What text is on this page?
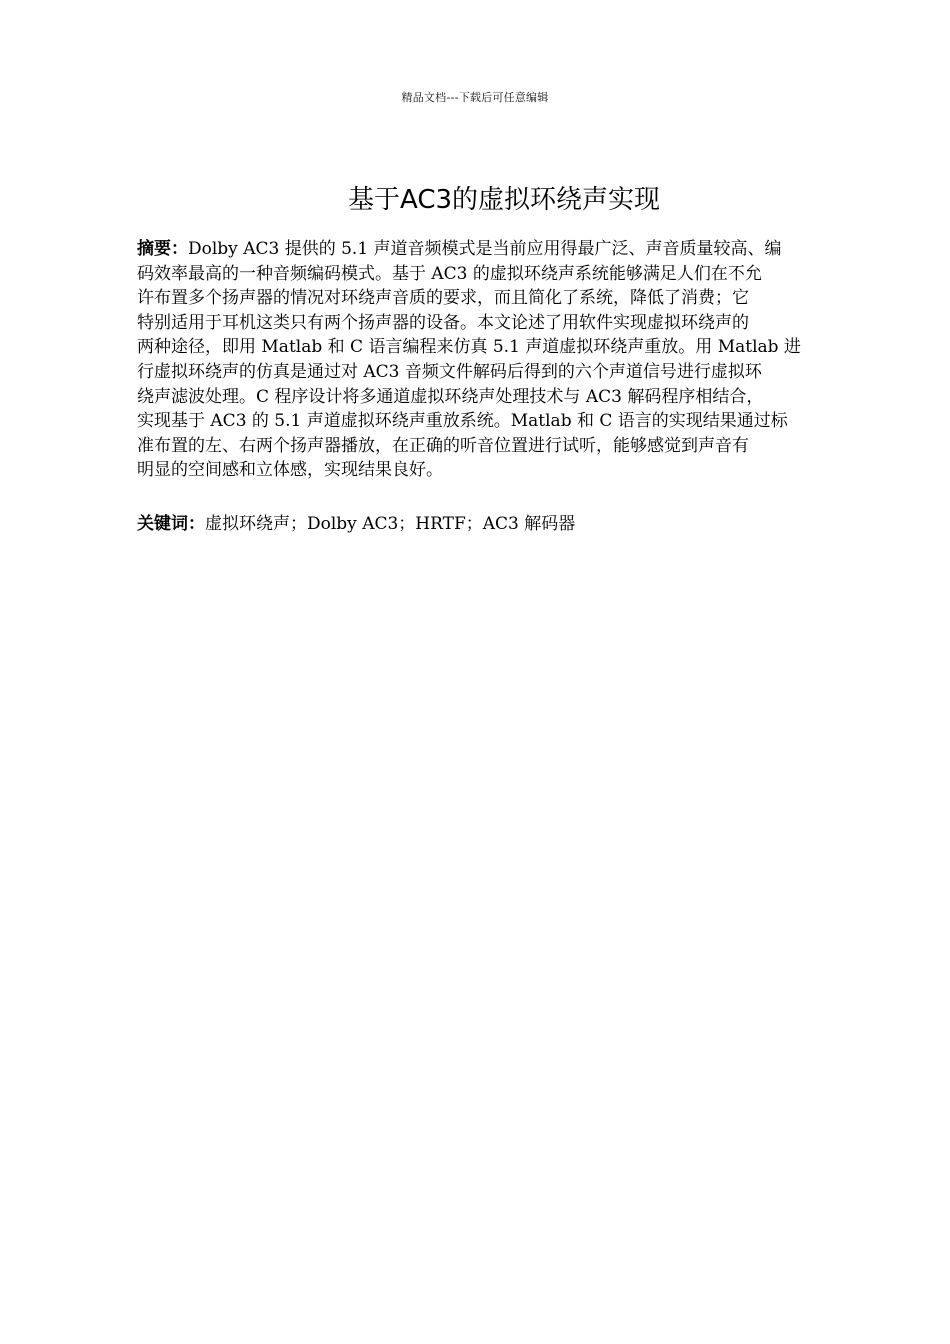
精品文档---下载后可任意编辑
基于AC3的虚拟环绕声实现
摘要：Dolby AC3 提供的 5.1 声道音频模式是当前应用得最广泛、声音质量较高、编
码效率最高的一种音频编码模式。基于 AC3 的虚拟环绕声系统能够满足人们在不允
许布置多个扬声器的情况对环绕声音质的要求，而且简化了系统，降低了消费；它
特别适用于耳机这类只有两个扬声器的设备。本文论述了用软件实现虚拟环绕声的
两种途径，即用 Matlab 和 C 语言编程来仿真 5.1 声道虚拟环绕声重放。用 Matlab 进
行虚拟环绕声的仿真是通过对 AC3 音频文件解码后得到的六个声道信号进行虚拟环
绕声滤波处理。C 程序设计将多通道虚拟环绕声处理技术与 AC3 解码程序相结合，
实现基于 AC3 的 5.1 声道虚拟环绕声重放系统。Matlab 和 C 语言的实现结果通过标
准布置的左、右两个扬声器播放，在正确的听音位置进行试听，能够感觉到声音有
明显的空间感和立体感，实现结果良好。
关键词：虚拟环绕声；Dolby AC3；HRTF；AC3 解码器
